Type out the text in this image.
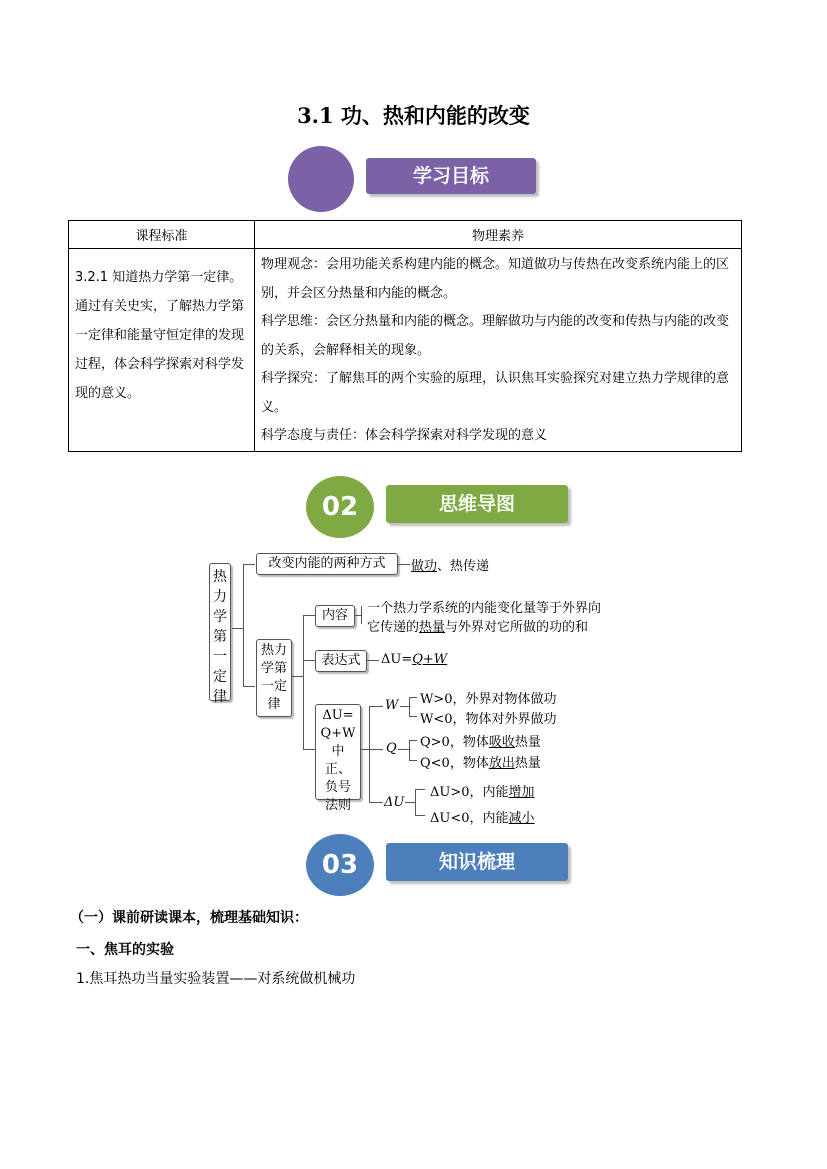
3.1 功、热和内能的改变
学习目标
课程标准	物理素养
3.2.1 知道热力学第一定律。通过有关史实，了解热力学第一定律和能量守恒定律的发现过程，体会科学探索对科学发现的意义。	物理观念：会用功能关系构建内能的概念。知道做功与传热在改变系统内能上的区别，并会区分热量和内能的概念。
科学思维：会区分热量和内能的概念。理解做功与内能的改变和传热与内能的改变的关系，会解释相关的现象。
科学探究：了解焦耳的两个实验的原理，认识焦耳实验探究对建立热力学规律的意义。
科学态度与责任：体会科学探索对科学发现的意义
02	思维导图
热力学第一定律
改变内能的两种方式	做功、热传递
热力学第一定律
内容	一个热力学系统的内能变化量等于外界向
它传递的热量与外界对它所做的功的和
表达式	ΔU=Q+W
ΔU=Q+W中正、负号法则
W W>0，外界对物体做功
W<0，物体对外界做功
Q Q>0，物体吸收热量
Q<0，物体放出热量
ΔU
ΔU>0，内能增加
ΔU<0，内能减小
03	知识梳理
（一）课前研读课本，梳理基础知识：
一、焦耳的实验
1.焦耳热功当量实验装置——对系统做机械功
